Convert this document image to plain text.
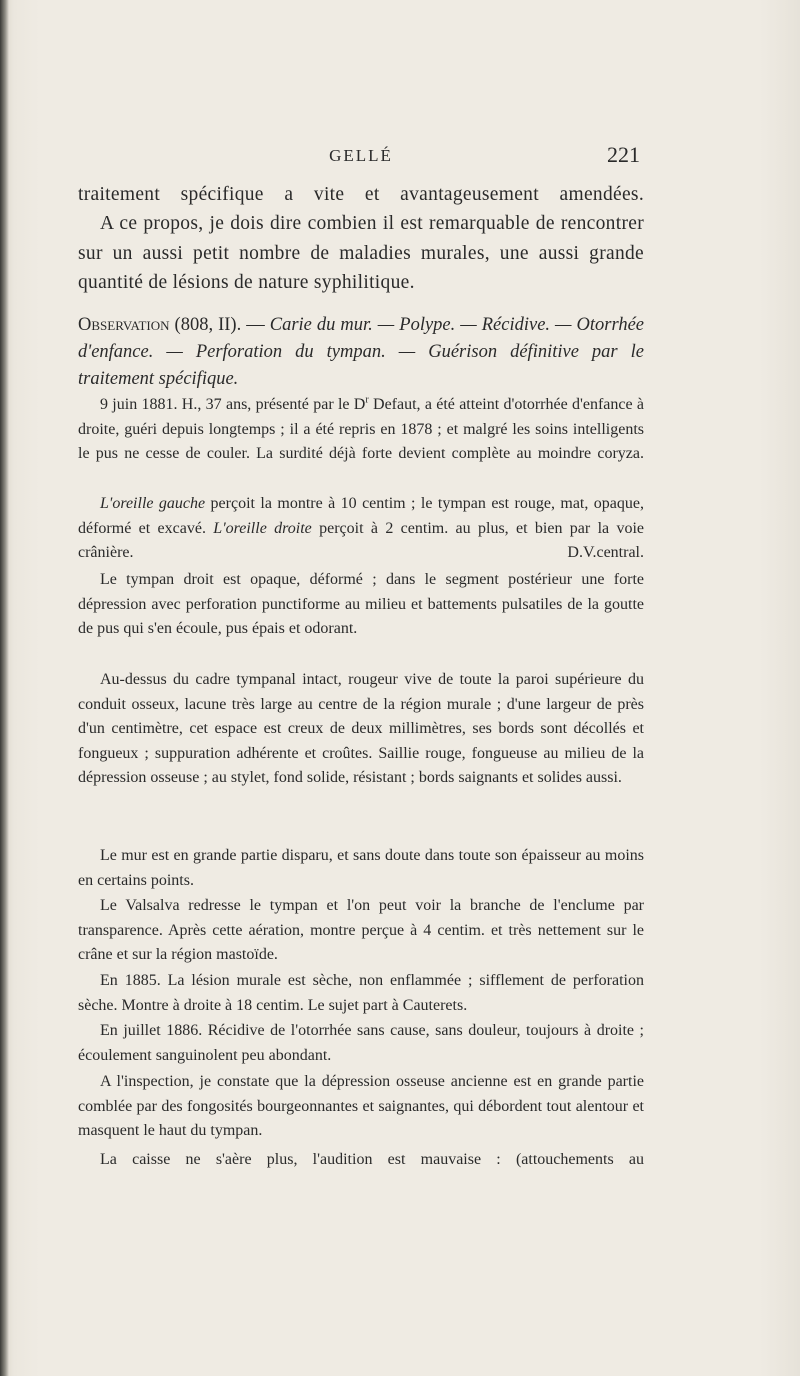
GELLÉ	221

traitement spécifique a vite et avantageusement amendées.

A ce propos, je dois dire combien il est remarquable de rencontrer sur un aussi petit nombre de maladies murales, une aussi grande quantité de lésions de nature syphilitique.

Observation (808, II). — Carie du mur. — Polype. — Récidive. — Otorrhée d'enfance. — Perforation du tympan. — Guérison définitive par le traitement spécifique.

9 juin 1881. H., 37 ans, présenté par le $D^r$ Defaut, a été atteint d'otorrhée d'enfance à droite, guéri depuis longtemps ; il a été repris en 1878 ; et malgré les soins intelligents le pus ne cesse de couler. La surdité déjà forte devient complète au moindre coryza.

L'oreille gauche perçoit la montre à 10 centim ; le tympan est rouge, mat, opaque, déformé et excavé. L'oreille droite perçoit à 2 centim. au plus, et bien par la voie crânière. D.V.central.

Le tympan droit est opaque, déformé ; dans le segment postérieur une forte dépression avec perforation punctiforme au milieu et battements pulsatiles de la goutte de pus qui s'en écoule, pus épais et odorant.

Au-dessus du cadre tympanal intact, rougeur vive de toute la paroi supérieure du conduit osseux, lacune très large au centre de la région murale ; d'une largeur de près d'un centimètre, cet espace est creux de deux millimètres, ses bords sont décollés et fongueux ; suppuration adhérente et croûtes. Saillie rouge, fongueuse au milieu de la dépression osseuse ; au stylet, fond solide, résistant ; bords saignants et solides aussi.

Le mur est en grande partie disparu, et sans doute dans toute son épaisseur au moins en certains points.

Le Valsalva redresse le tympan et l'on peut voir la branche de l'enclume par transparence. Après cette aération, montre perçue à 4 centim. et très nettement sur le crâne et sur la région mastoïde.

En 1885. La lésion murale est sèche, non enflammée ; sifflement de perforation sèche. Montre à droite à 18 centim. Le sujet part à Cauterets.

En juillet 1886. Récidive de l'otorrhée sans cause, sans douleur, toujours à droite ; écoulement sanguinolent peu abondant.

A l'inspection, je constate que la dépression osseuse ancienne est en grande partie comblée par des fongosités bourgeonnantes et saignantes, qui débordent tout alentour et masquent le haut du tympan.

La caisse ne s'aère plus, l'audition est mauvaise : (attouchements au
